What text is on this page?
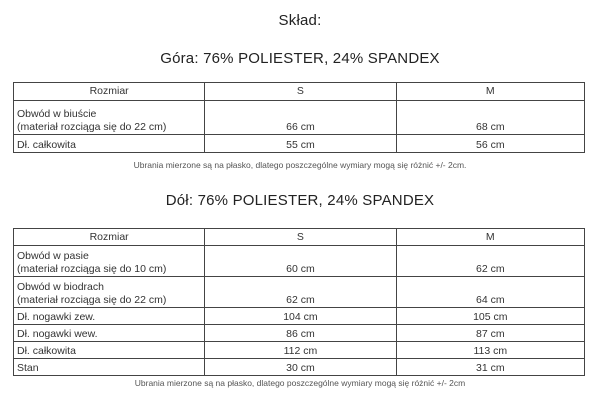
Skład:
Góra: 76% POLIESTER, 24% SPANDEX
Rozmiar	S	M

Obwód w biuście
(materiał rozciąga się do 22 cm)	66 cm	68 cm
Dł. całkowita	55 cm	56 cm
Ubrania mierzone są na płasko, dlatego poszczególne wymiary mogą się różnić +/- 2cm.
Dół: 76% POLIESTER, 24% SPANDEX
Rozmiar	S	M

Obwód w pasie
(materiał rozciąga się do 10 cm)	60 cm	62 cm

Obwód w biodrach
(materiał rozciąga się do 22 cm)	62 cm	64 cm
Dł. nogawki zew.	104 cm	105 cm
Dł. nogawki wew.	86 cm	87 cm
Dł. całkowita	112 cm	113 cm
Stan	30 cm	31 cm
Ubrania mierzone są na płasko, dlatego poszczególne wymiary mogą się różnić +/- 2cm
